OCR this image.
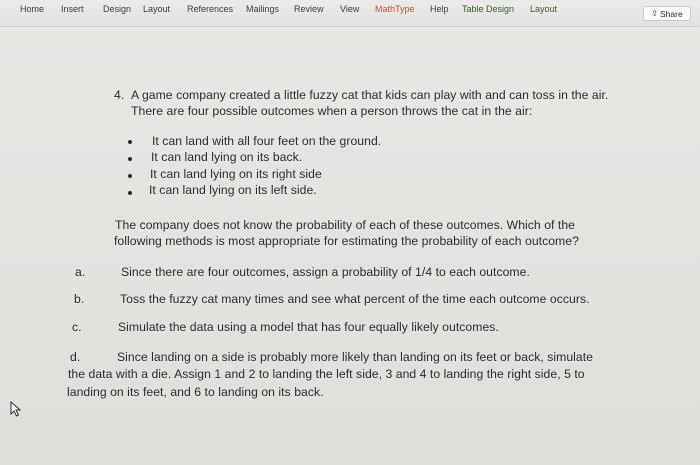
Home Insert Design Layout References Mailings Review View MathType Help Table Design Layout	⇪ Share
4. A game company created a little fuzzy cat that kids can play with and can toss in the air.
There are four possible outcomes when a person throws the cat in the air:
It can land with all four feet on the ground.
It can land lying on its back.
It can land lying on its right side
It can land lying on its left side.
The company does not know the probability of each of these outcomes. Which of the
following methods is most appropriate for estimating the probability of each outcome?
a.	Since there are four outcomes, assign a probability of 1/4 to each outcome.
b.	Toss the fuzzy cat many times and see what percent of the time each outcome occurs.
c.	Simulate the data using a model that has four equally likely outcomes.
d.	Since landing on a side is probably more likely than landing on its feet or back, simulate
the data with a die. Assign 1 and 2 to landing the left side, 3 and 4 to landing the right side, 5 to
landing on its feet, and 6 to landing on its back.
